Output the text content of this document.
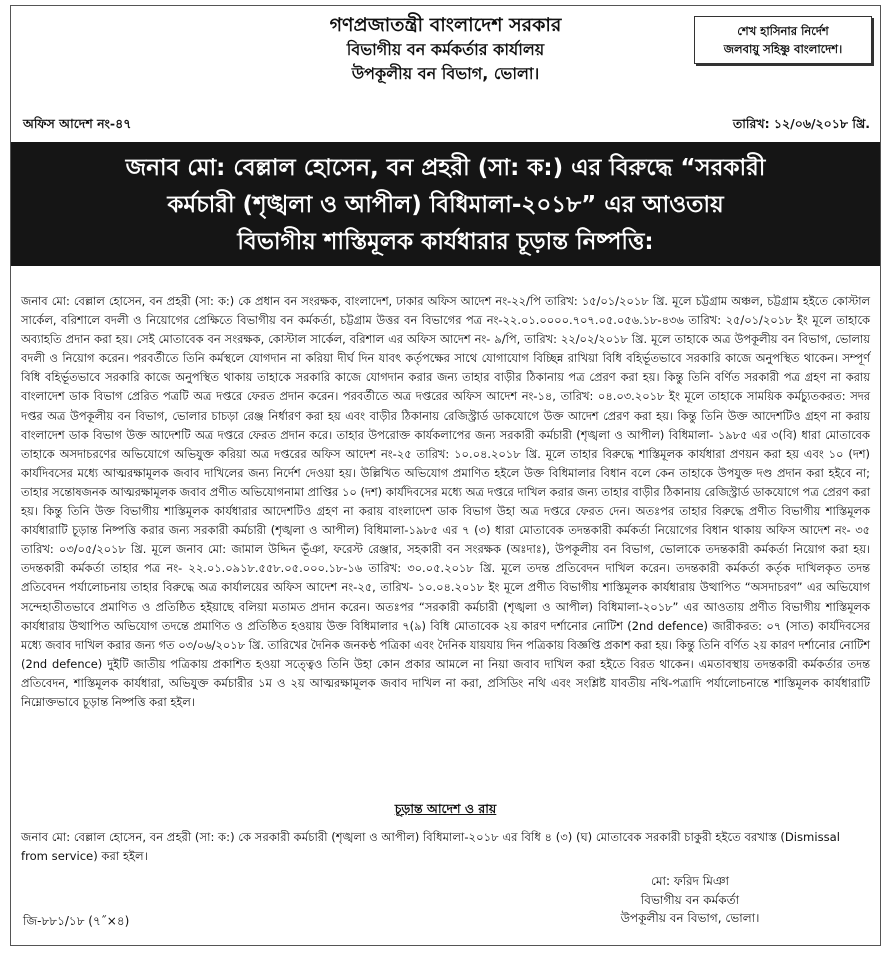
গণপ্রজাতন্ত্রী বাংলাদেশ সরকার
বিভাগীয় বন কর্মকর্তার কার্যালয়
উপকূলীয় বন বিভাগ, ভোলা।
শেখ হাসিনার নির্দেশ
জলবায়ু সহিষ্ণু বাংলাদেশ।
অফিস আদেশ নং-৪৭	তারিখ: ১২/০৬/২০১৮ খ্রি.
জনাব মো: বেল্লাল হোসেন, বন প্রহরী (সা: ক:) এর বিরুদ্ধে “সরকারী
কর্মচারী (শৃঙ্খলা ও আপীল) বিধিমালা-২০১৮” এর আওতায়
বিভাগীয় শাস্তিমূলক কার্যধারার চূড়ান্ত নিষ্পত্তি:
জনাব মো: বেল্লাল হোসেন, বন প্রহরী (সা: ক:) কে প্রধান বন সংরক্ষক, বাংলাদেশ, ঢাকার অফিস আদেশ নং-২২/পি তারিখ: ১৫/০১/২০১৮ খ্রি. মূলে চট্টগ্রাম অঞ্চল, চট্টগ্রাম হইতে কোস্টাল সার্কেল, বরিশালে বদলী ও নিয়োগের প্রেক্ষিতে বিভাগীয় বন কর্মকর্তা, চট্টগ্রাম উত্তর বন বিভাগের পত্র নং-২২.০১.০০০০.৭০৭.০৫.০৫৬.১৮-৪৩৬ তারিখ: ২৫/০১/২০১৮ ইং মূলে তাহাকে অব্যাহতি প্রদান করা হয়। সেই মোতাবেক বন সংরক্ষক, কোস্টাল সার্কেল, বরিশাল এর অফিস আদেশ নং- ৯/পি, তারিখ: ২২/০২/২০১৮ খ্রি. মূলে তাহাকে অত্র উপকূলীয় বন বিভাগ, ভোলায় বদলী ও নিয়োগ করেন। পরবর্তীতে তিনি কর্মস্থলে যোগদান না করিয়া দীর্ঘ দিন যাবৎ কর্তৃপক্ষের সাথে যোগাযোগ বিচ্ছিন্ন রাখিয়া বিধি বহির্ভূতভাবে সরকারি কাজে অনুপস্থিত থাকেন। সম্পূর্ণ বিধি বহির্ভূতভাবে সরকারি কাজে অনুপস্থিত থাকায় তাহাকে সরকারি কাজে যোগদান করার জন্য তাহার বাড়ীর ঠিকানায় পত্র প্রেরণ করা হয়। কিন্তু তিনি বর্ণিত সরকারী পত্র গ্রহণ না করায় বাংলাদেশ ডাক বিভাগ প্রেরিত পত্রটি অত্র দপ্তরে ফেরত প্রদান করেন। পরবর্তীতে অত্র দপ্তরের অফিস আদেশ নং-১৪, তারিখ: ০৪.০৩.২০১৮ ইং মূলে তাহাকে সাময়িক কর্মচ্যুতকরত: সদর দপ্তর অত্র উপকূলীয় বন বিভাগ, ভোলার চাচড়া রেঞ্জ নির্ধারণ করা হয় এবং বাড়ীর ঠিকানায় রেজিস্ট্রার্ড ডাকযোগে উক্ত আদেশ প্রেরণ করা হয়। কিন্তু তিনি উক্ত আদেশটিও গ্রহণ না করায় বাংলাদেশ ডাক বিভাগ উক্ত আদেশটি অত্র দপ্তরে ফেরত প্রদান করে। তাহার উপরোক্ত কার্যকলাপের জন্য সরকারী কর্মচারী (শৃঙ্খলা ও আপীল) বিধিমালা- ১৯৮৫ এর ৩(বি) ধারা মোতাবেক তাহাকে অসদাচরণের অভিযোগে অভিযুক্ত করিয়া অত্র দপ্তরের অফিস আদেশ নং-২৫ তারিখ: ১০.০৪.২০১৮ খ্রি. মূলে তাহার বিরুদ্ধে শাস্তিমূলক কার্যধারা প্রণয়ন করা হয় এবং ১০ (দশ) কার্যদিবসের মধ্যে আত্মরক্ষামূলক জবাব দাখিলের জন্য নির্দেশ দেওয়া হয়। উল্লিখিত অভিযোগ প্রমাণিত হইলে উক্ত বিধিমালার বিধান বলে কেন তাহাকে উপযুক্ত দণ্ড প্রদান করা হইবে না; তাহার সন্তোষজনক আত্মরক্ষামূলক জবাব প্রণীত অভিযোগনামা প্রাপ্তির ১০ (দশ) কার্যদিবসের মধ্যে অত্র দপ্তরে দাখিল করার জন্য তাহার বাড়ীর ঠিকানায় রেজিস্ট্রার্ড ডাকযোগে পত্র প্রেরণ করা হয়। কিন্তু তিনি উক্ত বিভাগীয় শাস্তিমূলক কার্যধারার আদেশটিও গ্রহণ না করায় বাংলাদেশ ডাক বিভাগ উহা অত্র দপ্তরে ফেরত দেন। অতঃপর তাহার বিরুদ্ধে প্রণীত বিভাগীয় শাস্তিমূলক কার্যধারাটি চূড়ান্ত নিষ্পত্তি করার জন্য সরকারী কর্মচারী (শৃঙ্খলা ও আপীল) বিধিমালা-১৯৮৫ এর ৭ (৩) ধারা মোতাবেক তদন্তকারী কর্মকর্তা নিয়োগের বিধান থাকায় অফিস আদেশ নং- ৩৫ তারিখ: ০৩/০৫/২০১৮ খ্রি. মূলে জনাব মো: জামাল উদ্দিন ভূঁঞা, ফরেস্ট রেঞ্জার, সহকারী বন সংরক্ষক (অঃদাঃ), উপকূলীয় বন বিভাগ, ভোলাকে তদন্তকারী কর্মকর্তা নিয়োগ করা হয়। তদন্তকারী কর্মকর্তা তাহার পত্র নং- ২২.০১.০৯১৮.৫৫৮.০৫.০০০.১৮-১৬ তারিখ: ৩০.০৫.২০১৮ খ্রি. মূলে তদন্ত প্রতিবেদন দাখিল করেন। তদন্তকারী কর্মকর্তা কর্তৃক দাখিলকৃত তদন্ত প্রতিবেদন পর্যালোচনায় তাহার বিরুদ্ধে অত্র কার্যালয়ের অফিস আদেশ নং-২৫, তারিখ- ১০.০৪.২০১৮ ইং মূলে প্রণীত বিভাগীয় শাস্তিমূলক কার্যধারায় উত্থাপিত “অসদাচরণ” এর অভিযোগ সন্দেহাতীতভাবে প্রমাণিত ও প্রতিষ্ঠিত হইয়াছে বলিয়া মতামত প্রদান করেন। অতঃপর “সরকারী কর্মচারী (শৃঙ্খলা ও আপীল) বিধিমালা-২০১৮” এর আওতায় প্রণীত বিভাগীয় শাস্তিমূলক কার্যধারায় উত্থাপিত অভিযোগ তদন্তে প্রমাণিত ও প্রতিষ্ঠিত হওয়ায় উক্ত বিধিমালার ৭(৯) বিধি মোতাবেক ২য় কারণ দর্শানোর নোটিশ (2nd defence) জারীকরত: ০৭ (সাত) কার্যদিবসের মধ্যে জবাব দাখিল করার জন্য গত ০৩/০৬/২০১৮ খ্রি. তারিখের দৈনিক জনকণ্ঠ পত্রিকা এবং দৈনিক যায়যায় দিন পত্রিকায় বিজ্ঞপ্তি প্রকাশ করা হয়। কিন্তু তিনি বর্ণিত ২য় কারণ দর্শানোর নোটিশ (2nd defence) দুইটি জাতীয় পত্রিকায় প্রকাশিত হওয়া সত্ত্বেও তিনি উহা কোন প্রকার আমলে না নিয়া জবাব দাখিল করা হইতে বিরত থাকেন। এমতাবস্থায় তদন্তকারী কর্মকর্তার তদন্ত প্রতিবেদন, শাস্তিমূলক কার্যধারা, অভিযুক্ত কর্মচারীর ১ম ও ২য় আত্মরক্ষামূলক জবাব দাখিল না করা, প্রসিডিং নথি এবং সংশ্লিষ্ট যাবতীয় নথি-পত্রাদি পর্যালোচনান্তে শাস্তিমূলক কার্যধারাটি নিম্নোক্তভাবে চূড়ান্ত নিষ্পত্তি করা হইল।
চূড়ান্ত আদেশ ও রায়
জনাব মো: বেল্লাল হোসেন, বন প্রহরী (সা: ক:) কে সরকারী কর্মচারী (শৃঙ্খলা ও আপীল) বিধিমালা-২০১৮ এর বিধি ৪ (৩) (ঘ) মোতাবেক সরকারী চাকুরী হইতে বরখাস্ত (Dismissal from service) করা হইল।
মো: ফরিদ মিঞা
বিভাগীয় বন কর্মকর্তা
উপকূলীয় বন বিভাগ, ভোলা।
জি-৮৮১/১৮ (৭˝×৪)
